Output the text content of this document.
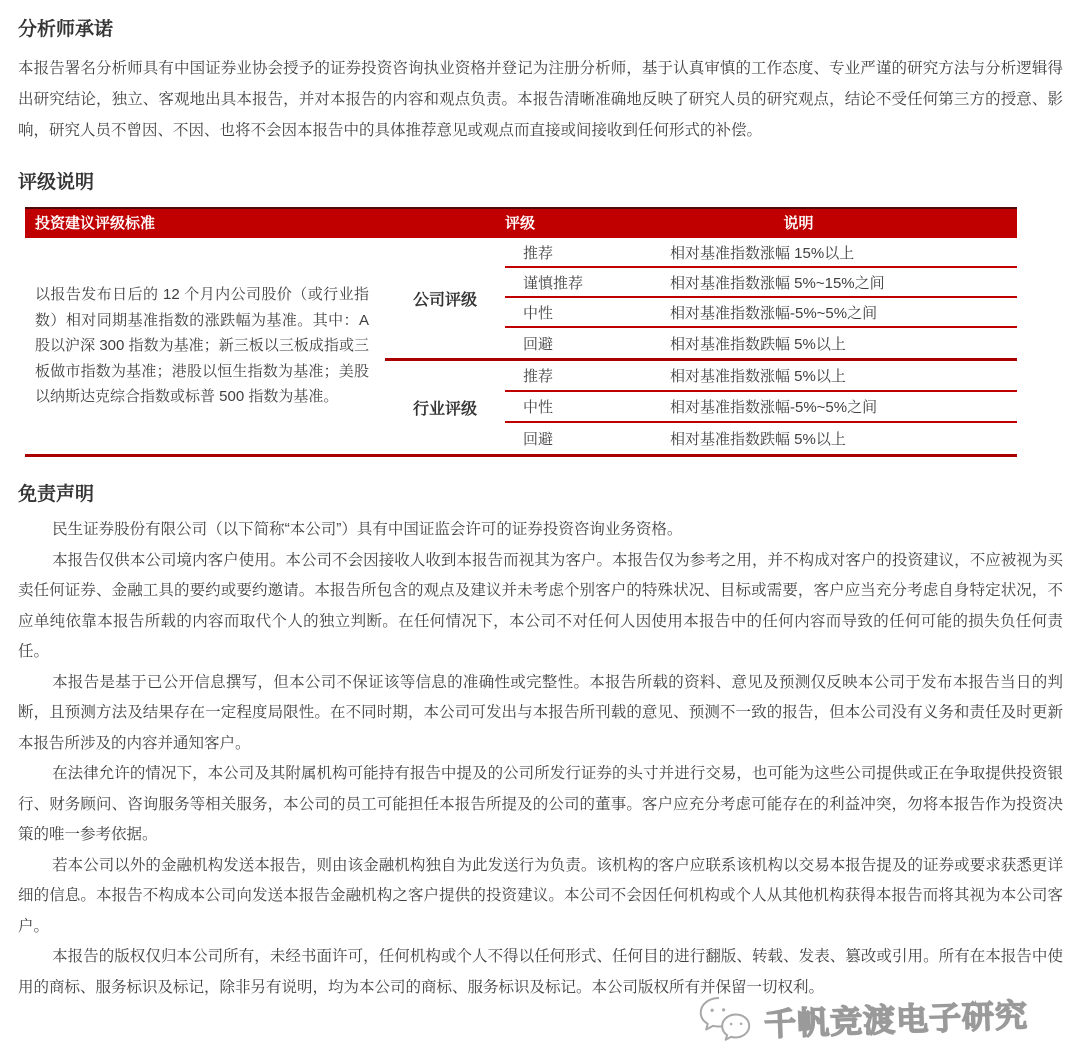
分析师承诺

本报告署名分析师具有中国证券业协会授予的证券投资咨询执业资格并登记为注册分析师，基于认真审慎的工作态度、专业严谨的研究方法与分析逻辑得出研究结论，独立、客观地出具本报告，并对本报告的内容和观点负责。本报告清晰准确地反映了研究人员的研究观点，结论不受任何第三方的授意、影响，研究人员不曾因、不因、也将不会因本报告中的具体推荐意见或观点而直接或间接收到任何形式的补偿。

评级说明
投资建议评级标准	评级	说明
以报告发布日后的 12 个月内公司股价（或行业指数）相对同期基准指数的涨跌幅为基准。其中：A 股以沪深 300 指数为基准；新三板以三板成指或三板做市指数为基准；港股以恒生指数为基准；美股以纳斯达克综合指数或标普 500 指数为基准。
公司评级
推荐	相对基准指数涨幅 15%以上
谨慎推荐	相对基准指数涨幅 5%~15%之间
中性	相对基准指数涨幅-5%~5%之间
回避	相对基准指数跌幅 5%以上
行业评级
推荐	相对基准指数涨幅 5%以上
中性	相对基准指数涨幅-5%~5%之间
回避	相对基准指数跌幅 5%以上
免责声明

民生证券股份有限公司（以下简称“本公司”）具有中国证监会许可的证券投资咨询业务资格。

本报告仅供本公司境内客户使用。本公司不会因接收人收到本报告而视其为客户。本报告仅为参考之用，并不构成对客户的投资建议，不应被视为买卖任何证券、金融工具的要约或要约邀请。本报告所包含的观点及建议并未考虑个别客户的特殊状况、目标或需要，客户应当充分考虑自身特定状况，不应单纯依靠本报告所载的内容而取代个人的独立判断。在任何情况下，本公司不对任何人因使用本报告中的任何内容而导致的任何可能的损失负任何责任。

本报告是基于已公开信息撰写，但本公司不保证该等信息的准确性或完整性。本报告所载的资料、意见及预测仅反映本公司于发布本报告当日的判断，且预测方法及结果存在一定程度局限性。在不同时期，本公司可发出与本报告所刊载的意见、预测不一致的报告，但本公司没有义务和责任及时更新本报告所涉及的内容并通知客户。

在法律允许的情况下，本公司及其附属机构可能持有报告中提及的公司所发行证券的头寸并进行交易，也可能为这些公司提供或正在争取提供投资银行、财务顾问、咨询服务等相关服务，本公司的员工可能担任本报告所提及的公司的董事。客户应充分考虑可能存在的利益冲突，勿将本报告作为投资决策的唯一参考依据。

若本公司以外的金融机构发送本报告，则由该金融机构独自为此发送行为负责。该机构的客户应联系该机构以交易本报告提及的证券或要求获悉更详细的信息。本报告不构成本公司向发送本报告金融机构之客户提供的投资建议。本公司不会因任何机构或个人从其他机构获得本报告而将其视为本公司客户。

本报告的版权仅归本公司所有，未经书面许可，任何机构或个人不得以任何形式、任何目的进行翻版、转载、发表、篡改或引用。所有在本报告中使用的商标、服务标识及标记，除非另有说明，均为本公司的商标、服务标识及标记。本公司版权所有并保留一切权利。

千帆竞渡电子研究
